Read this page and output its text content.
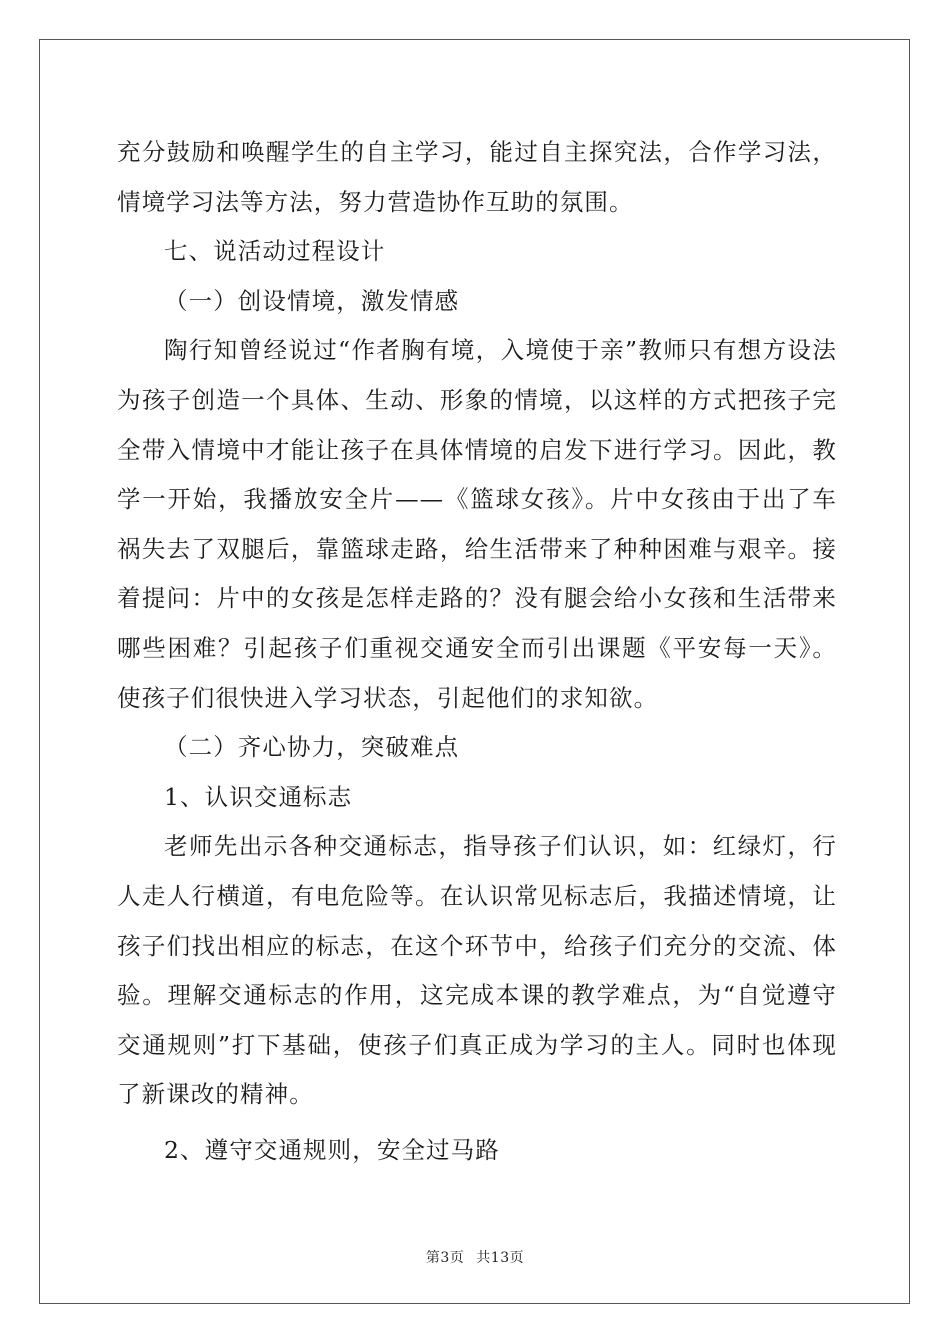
充分鼓励和唤醒学生的自主学习，能过自主探究法，合作学习法，情境学习法等方法，努力营造协作互助的氛围。

七、说活动过程设计

（一）创设情境，激发情感

陶行知曾经说过“作者胸有境，入境使于亲”教师只有想方设法为孩子创造一个具体、生动、形象的情境，以这样的方式把孩子完全带入情境中才能让孩子在具体情境的启发下进行学习。因此，教学一开始，我播放安全片——《篮球女孩》。片中女孩由于出了车祸失去了双腿后，靠篮球走路，给生活带来了种种困难与艰辛。接着提问：片中的女孩是怎样走路的？没有腿会给小女孩和生活带来哪些困难？引起孩子们重视交通安全而引出课题《平安每一天》。使孩子们很快进入学习状态，引起他们的求知欲。

（二）齐心协力，突破难点

1、认识交通标志

老师先出示各种交通标志，指导孩子们认识，如：红绿灯，行人走人行横道，有电危险等。在认识常见标志后，我描述情境，让孩子们找出相应的标志，在这个环节中，给孩子们充分的交流、体验。理解交通标志的作用，这完成本课的教学难点，为“自觉遵守交通规则”打下基础，使孩子们真正成为学习的主人。同时也体现了新课改的精神。

2、遵守交通规则，安全过马路

第3页 共13页
